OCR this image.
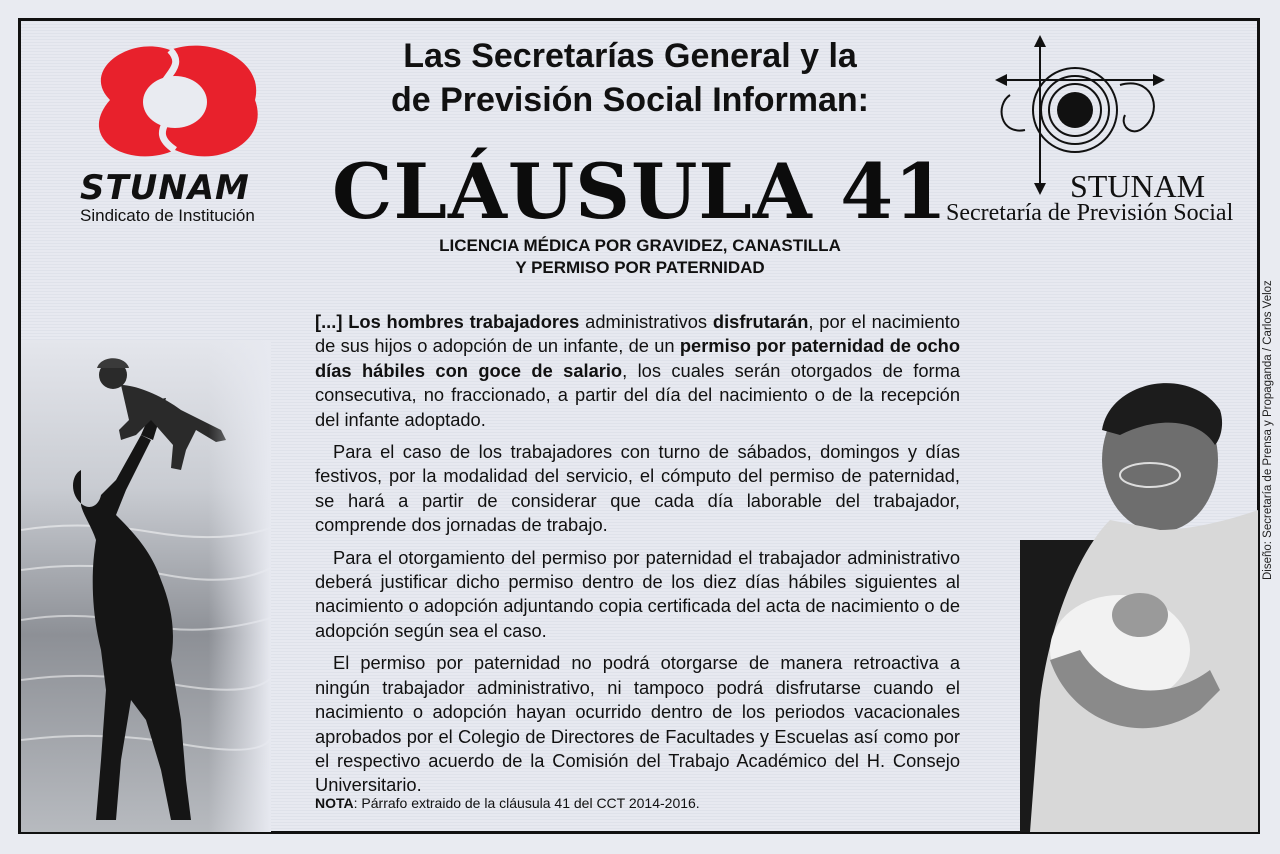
STUNAM
Sindicato de Institución
Las Secretarías General y la
de Previsión Social Informan:
CLÁUSULA 41
LICENCIA MÉDICA POR GRAVIDEZ, CANASTILLA
Y PERMISO POR PATERNIDAD
STUNAM
Secretaría de Previsión Social

[...] Los hombres trabajadores administrativos disfrutarán, por el nacimiento de sus hijos o adopción de un infante, de un permiso por paternidad de ocho días hábiles con goce de salario, los cuales serán otorgados de forma consecutiva, no fraccionado, a partir del día del nacimiento o de la recepción del infante adoptado.

Para el caso de los trabajadores con turno de sábados, domingos y días festivos, por la modalidad del servicio, el cómputo del permiso de paternidad, se hará a partir de considerar que cada día laborable del trabajador, comprende dos jornadas de trabajo.

Para el otorgamiento del permiso por paternidad el trabajador administrativo deberá justificar dicho permiso dentro de los diez días hábiles siguientes al nacimiento o adopción adjuntando copia certificada del acta de nacimiento o de adopción según sea el caso.

El permiso por paternidad no podrá otorgarse de manera retroactiva a ningún trabajador administrativo, ni tampoco podrá disfrutarse cuando el nacimiento o adopción hayan ocurrido dentro de los periodos vacacionales aprobados por el Colegio de Directores de Facultades y Escuelas así como por el respectivo acuerdo de la Comisión del Trabajo Académico del H. Consejo Universitario.

NOTA: Párrafo extraido de la cláusula 41 del CCT 2014-2016.
Diseño: Secretaría de Prensa y Propaganda / Carlos Veloz
